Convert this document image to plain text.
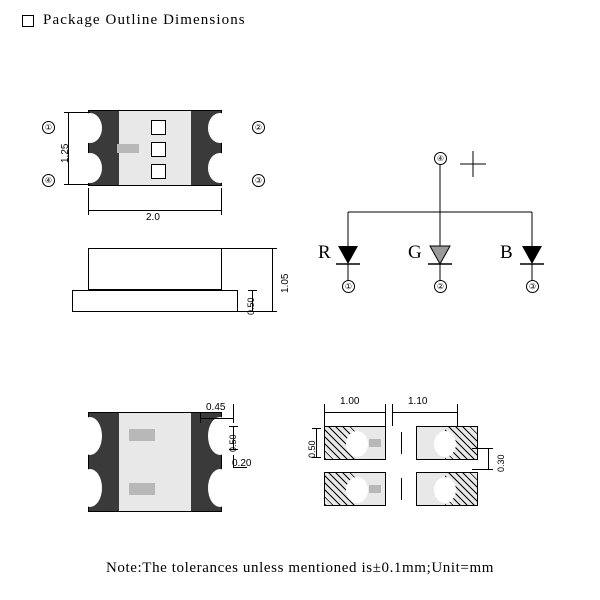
Package Outline Dimensions
1.25
2.0
①
④
②
③
1.05
0.50
0.45
0.50
0.20
R	G	B
①	②	③
④
1.00	1.10
0.50
0.30
Note:The tolerances unless mentioned is±0.1mm;Unit=mm
